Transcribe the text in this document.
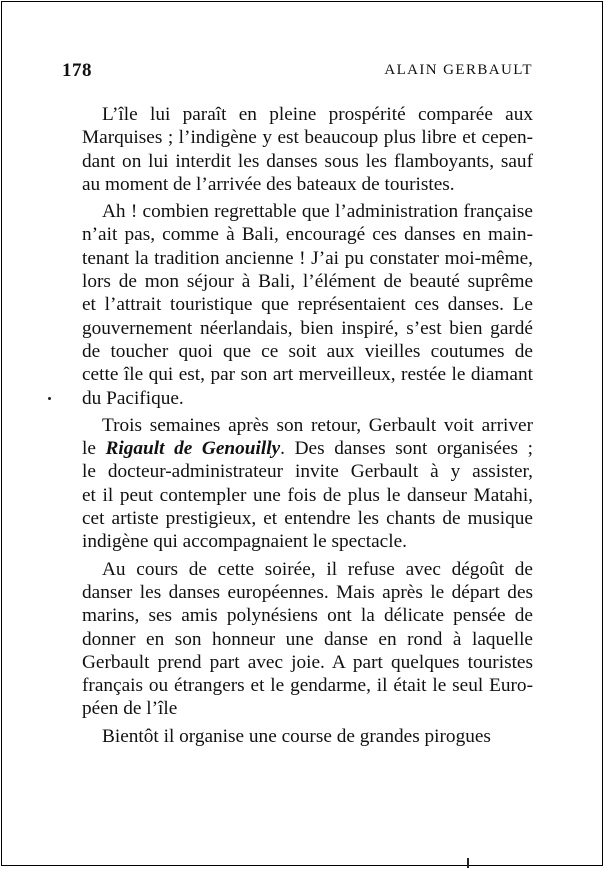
178	ALAIN GERBAULT
L’île lui paraît en pleine prospérité comparée aux
Marquises ; l’indigène y est beaucoup plus libre et cepen-
dant on lui interdit les danses sous les flamboyants, sauf
au moment de l’arrivée des bateaux de touristes.
Ah ! combien regrettable que l’administration française
n’ait pas, comme à Bali, encouragé ces danses en main-
tenant la tradition ancienne ! J’ai pu constater moi-même,
lors de mon séjour à Bali, l’élément de beauté suprême
et l’attrait touristique que représentaient ces danses. Le
gouvernement néerlandais, bien inspiré, s’est bien gardé
de toucher quoi que ce soit aux vieilles coutumes de
cette île qui est, par son art merveilleux, restée le diamant
du Pacifique.
Trois semaines après son retour, Gerbault voit arriver
le Rigault de Genouilly. Des danses sont organisées ;
le docteur-administrateur invite Gerbault à y assister,
et il peut contempler une fois de plus le danseur Matahi,
cet artiste prestigieux, et entendre les chants de musique
indigène qui accompagnaient le spectacle.
Au cours de cette soirée, il refuse avec dégoût de
danser les danses européennes. Mais après le départ des
marins, ses amis polynésiens ont la délicate pensée de
donner en son honneur une danse en rond à laquelle
Gerbault prend part avec joie. A part quelques touristes
français ou étrangers et le gendarme, il était le seul Euro-
péen de l’île
Bientôt il organise une course de grandes pirogues
